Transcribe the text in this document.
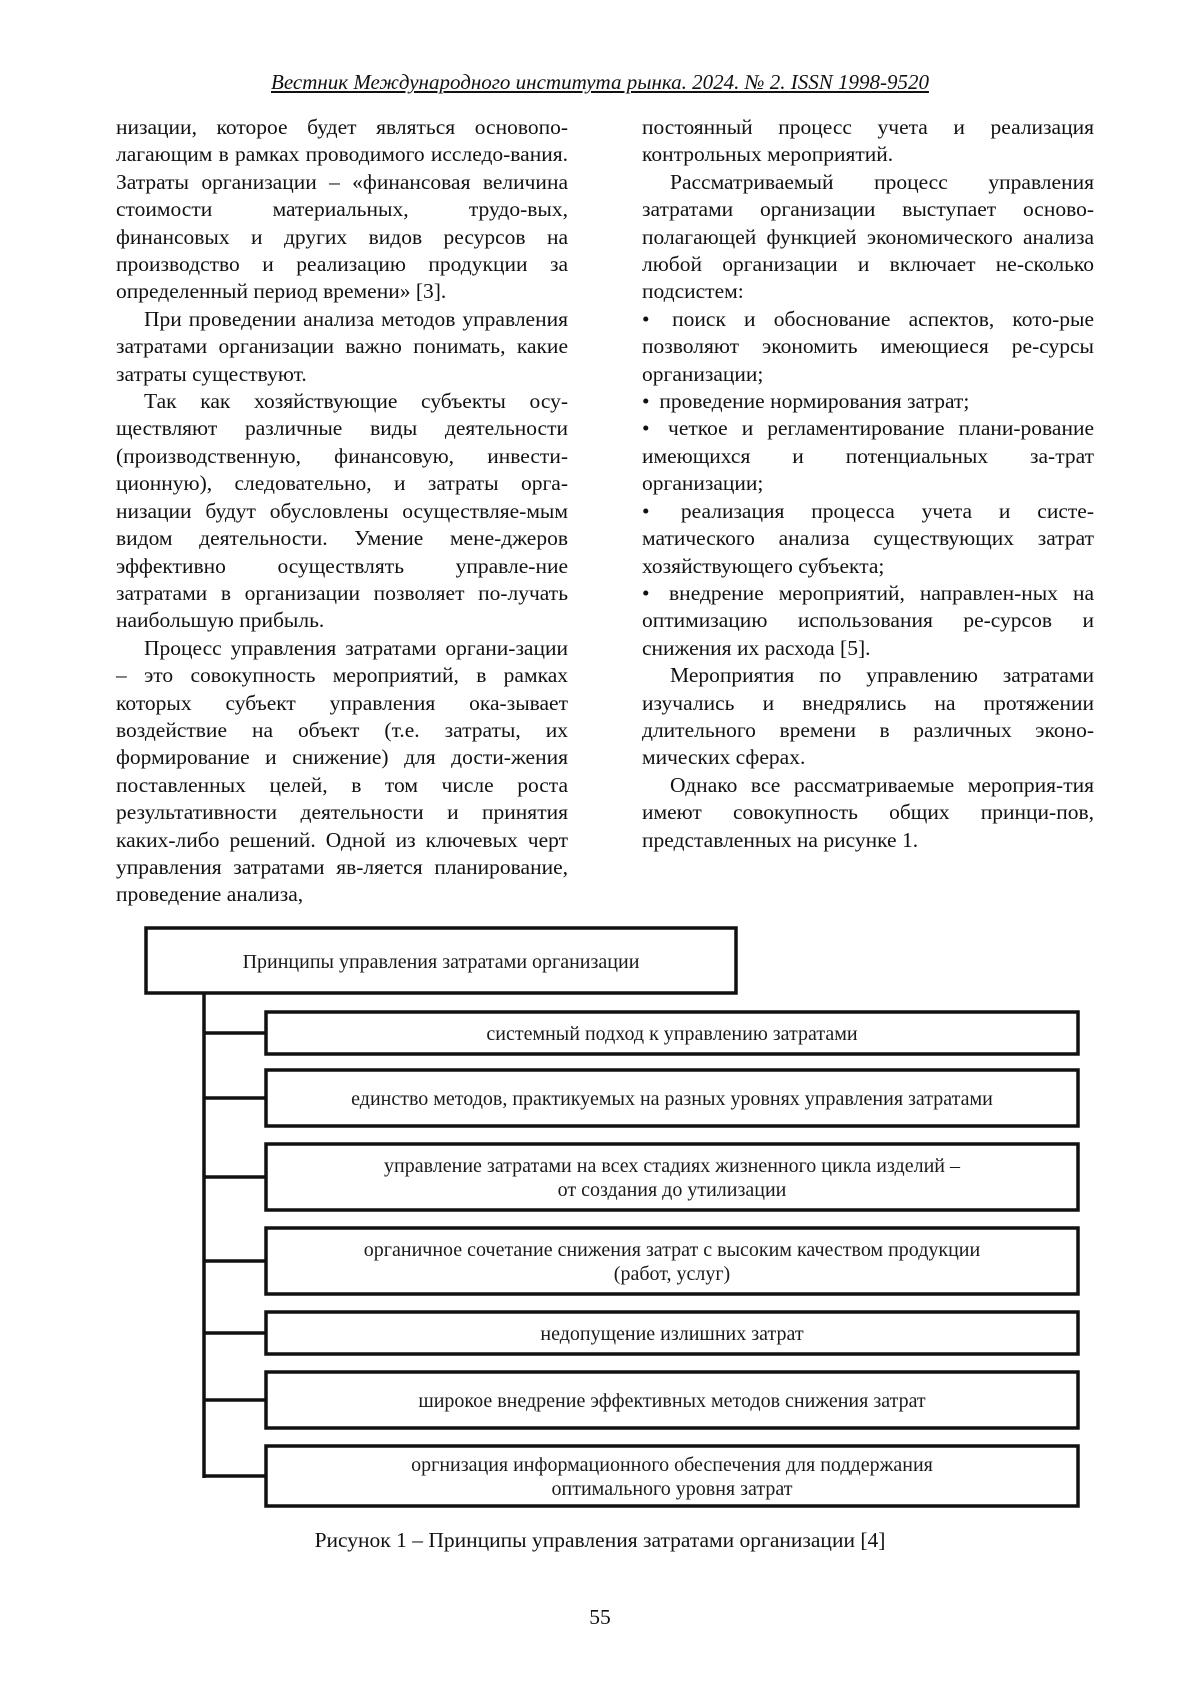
Вестник Международного института рынка. 2024. № 2. ISSN 1998-9520

низации, которое будет являться основопо-лагающим в рамках проводимого исследо-вания. Затраты организации – «финансовая величина стоимости материальных, трудо-вых, финансовых и других видов ресурсов на производство и реализацию продукции за определенный период времени» [3].

При проведении анализа методов управления затратами организации важно понимать, какие затраты существуют.

Так как хозяйствующие субъекты осу-ществляют различные виды деятельности (производственную, финансовую, инвести-ционную), следовательно, и затраты орга-низации будут обусловлены осуществляе-мым видом деятельности. Умение мене-джеров эффективно осуществлять управле-ние затратами в организации позволяет по-лучать наибольшую прибыль.

Процесс управления затратами органи-зации – это совокупность мероприятий, в рамках которых субъект управления ока-зывает воздействие на объект (т.е. затраты, их формирование и снижение) для дости-жения поставленных целей, в том числе роста результативности деятельности и принятия каких-либо решений. Одной из ключевых черт управления затратами яв-ляется планирование, проведение анализа,

постоянный процесс учета и реализация контрольных мероприятий.

Рассматриваемый процесс управления затратами организации выступает осново-полагающей функцией экономического анализа любой организации и включает не-сколько подсистем:

• поиск и обоснование аспектов, кото-рые позволяют экономить имеющиеся ре-сурсы организации;

• проведение нормирования затрат;

• четкое и регламентирование плани-рование имеющихся и потенциальных за-трат организации;

• реализация процесса учета и систе-матического анализа существующих затрат хозяйствующего субъекта;

• внедрение мероприятий, направлен-ных на оптимизацию использования ре-сурсов и снижения их расхода [5].

Мероприятия по управлению затратами изучались и внедрялись на протяжении длительного времени в различных эконо-мических сферах.

Однако все рассматриваемые мероприя-тия имеют совокупность общих принци-пов, представленных на рисунке 1.

Принципы управления затратами организации
системный подход к управлению затратами
единство методов, практикуемых на разных уровнях управления затратами
управление затратами на всех стадиях жизненного цикла изделий –
от создания до утилизации
органичное сочетание снижения затрат с высоким качеством продукции
(работ, услуг)
недопущение излишних затрат
широкое внедрение эффективных методов снижения затрат
оргнизация информационного обеспечения для поддержания
оптимального уровня затрат
Рисунок 1 – Принципы управления затратами организации [4]
55
